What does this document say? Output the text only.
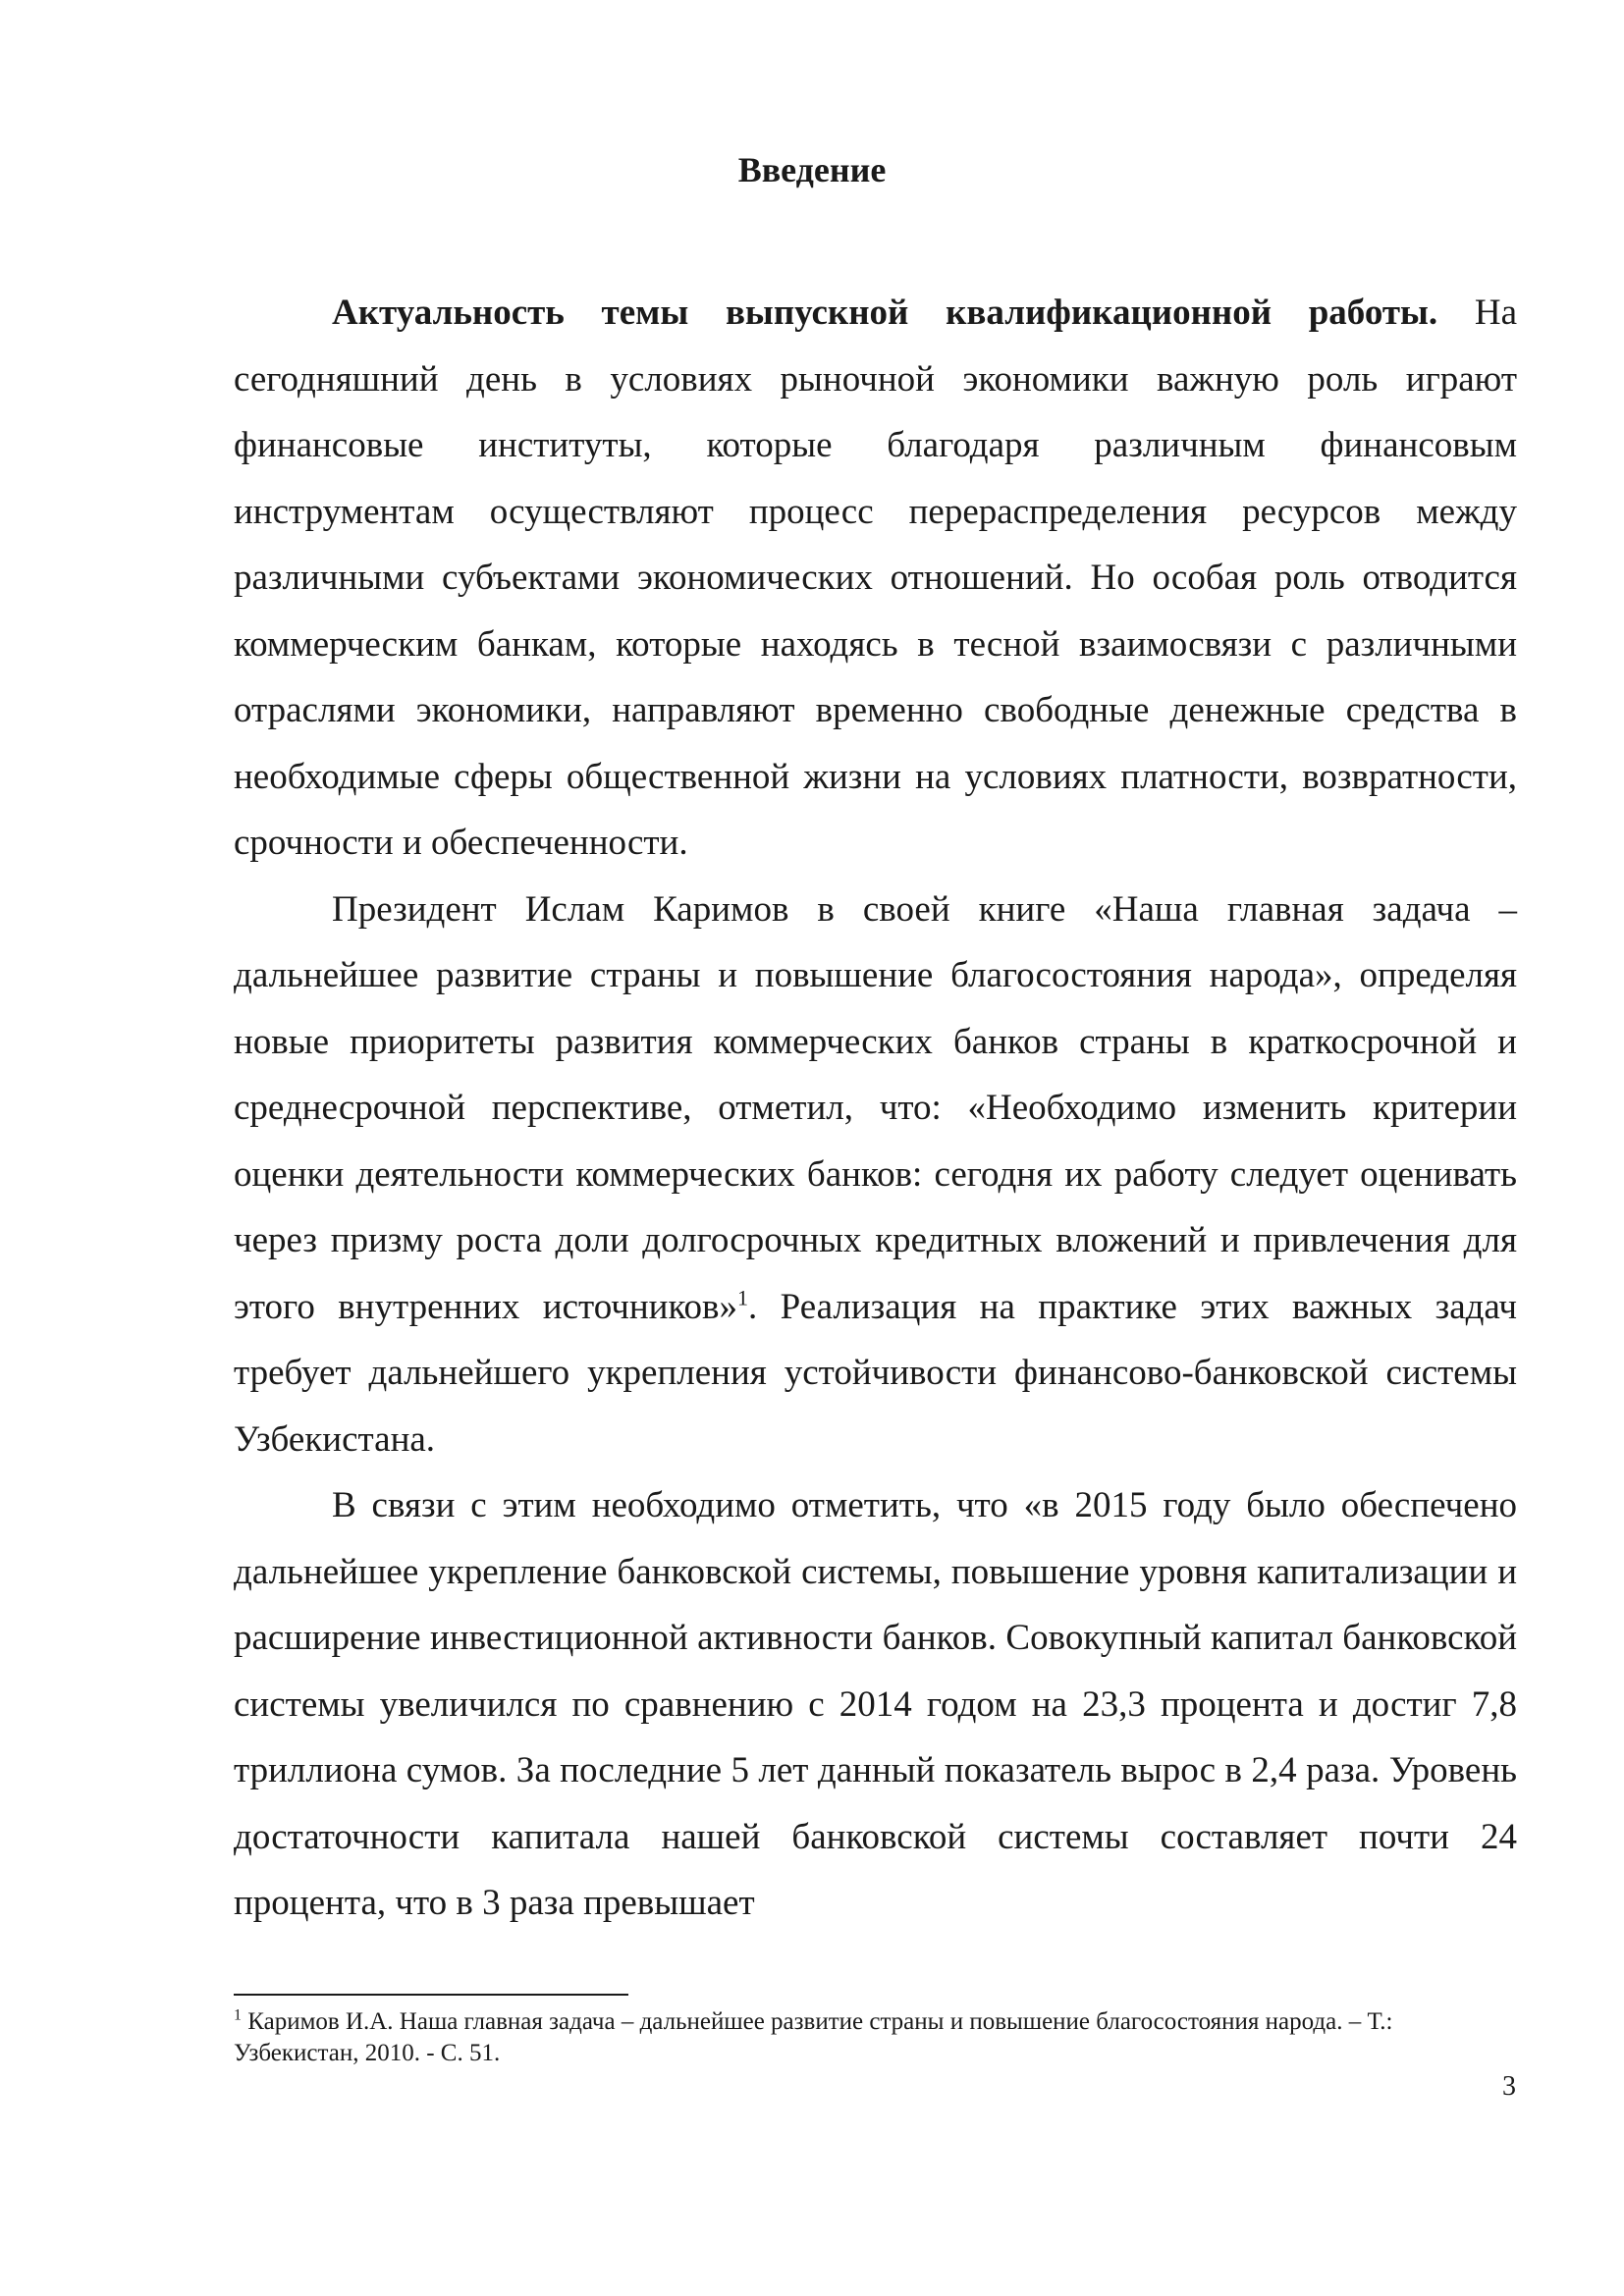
Введение

Актуальность темы выпускной квалификационной работы. На сегодняшний день в условиях рыночной экономики важную роль играют финансовые институты, которые благодаря различным финансовым инструментам осуществляют процесс перераспределения ресурсов между различными субъектами экономических отношений. Но особая роль отводится коммерческим банкам, которые находясь в тесной взаимосвязи с различными отраслями экономики, направляют временно свободные денежные средства в необходимые сферы общественной жизни на условиях платности, возвратности, срочности и обеспеченности.

Президент Ислам Каримов в своей книге «Наша главная задача – дальнейшее развитие страны и повышение благосостояния народа», определяя новые приоритеты развития коммерческих банков страны в краткосрочной и среднесрочной перспективе, отметил, что: «Необходимо изменить критерии оценки деятельности коммерческих банков: сегодня их работу следует оценивать через призму роста доли долгосрочных кредитных вложений и привлечения для этого внутренних источников»$^1$. Реализация на практике этих важных задач требует дальнейшего укрепления устойчивости финансово-банковской системы Узбекистана.

В связи с этим необходимо отметить, что «в 2015 году было обеспечено дальнейшее укрепление банковской системы, повышение уровня капитализации и расширение инвестиционной активности банков. Совокупный капитал банковской системы увеличился по сравнению с 2014 годом на 23,3 процента и достиг 7,8 триллиона сумов. За последние 5 лет данный показатель вырос в 2,4 раза. Уровень достаточности капитала нашей банковской системы составляет почти 24 процента, что в 3 раза превышает

$^1$ Каримов И.А. Наша главная задача – дальнейшее развитие страны и повышение благосостояния народа. – Т.: Узбекистан, 2010. - С. 51.
3
